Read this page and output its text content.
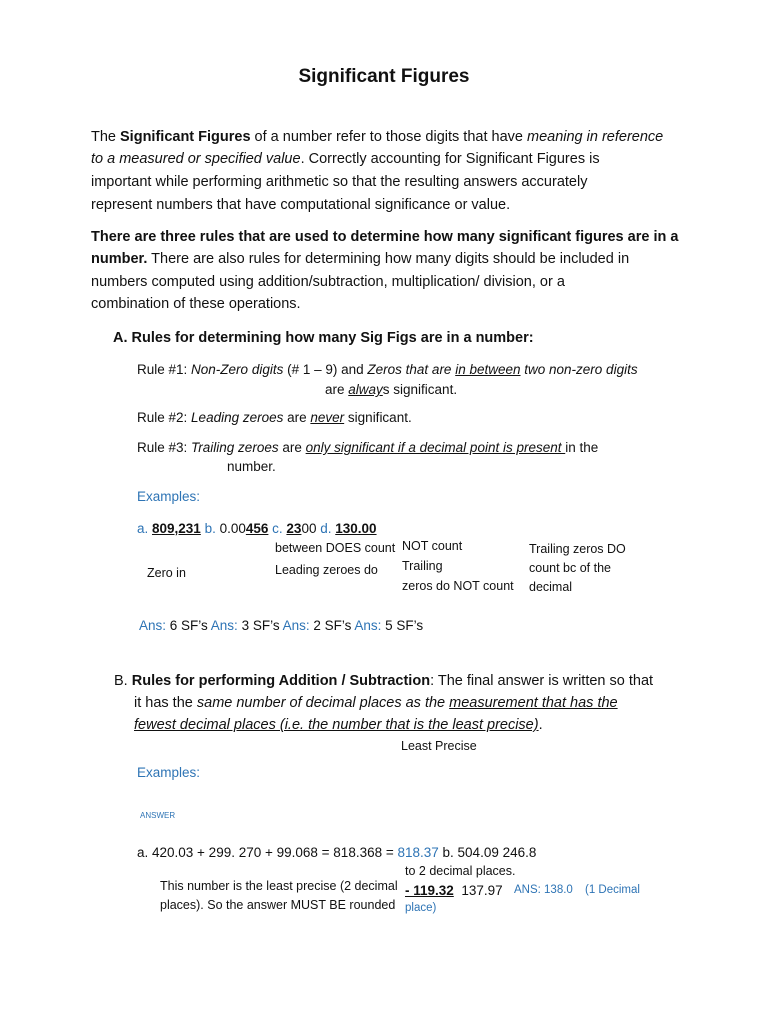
Significant Figures
The Significant Figures of a number refer to those digits that have meaning in reference
to a measured or specified value. Correctly accounting for Significant Figures is
important while performing arithmetic so that the resulting answers accurately
represent numbers that have computational significance or value.
There are three rules that are used to determine how many significant figures are in a
number. There are also rules for determining how many digits should be included in
numbers computed using addition/subtraction, multiplication/ division, or a
combination of these operations.
A. Rules for determining how many Sig Figs are in a number:
Rule #1: Non-Zero digits (# 1 – 9) and Zeros that are in between two non-zero digits
are always significant.
Rule #2: Leading zeroes are never significant.
Rule #3: Trailing zeroes are only significant if a decimal point is present in the
number.
Examples:
a. 809,231 b. 0.00456 c. 2300 d. 130.00
Zero in
between DOES count
Leading zeroes do
NOT count
Trailing
zeros do NOT count
Trailing zeros DO
count bc of the
decimal
Ans: 6 SF’s Ans: 3 SF’s Ans: 2 SF’s Ans: 5 SF’s
B. Rules for performing Addition / Subtraction: The final answer is written so that
it has the same number of decimal places as the measurement that has the
fewest decimal places (i.e. the number that is the least precise).
Least Precise
Examples:
ANSWER
a. 420.03 + 299. 270 + 99.068 = 818.368 = 818.37 b. 504.09 246.8
to 2 decimal places.
This number is the least precise (2 decimal
places). So the answer MUST BE rounded
- 119.32 137.97 ANS: 138.0 (1 Decimal
place)
